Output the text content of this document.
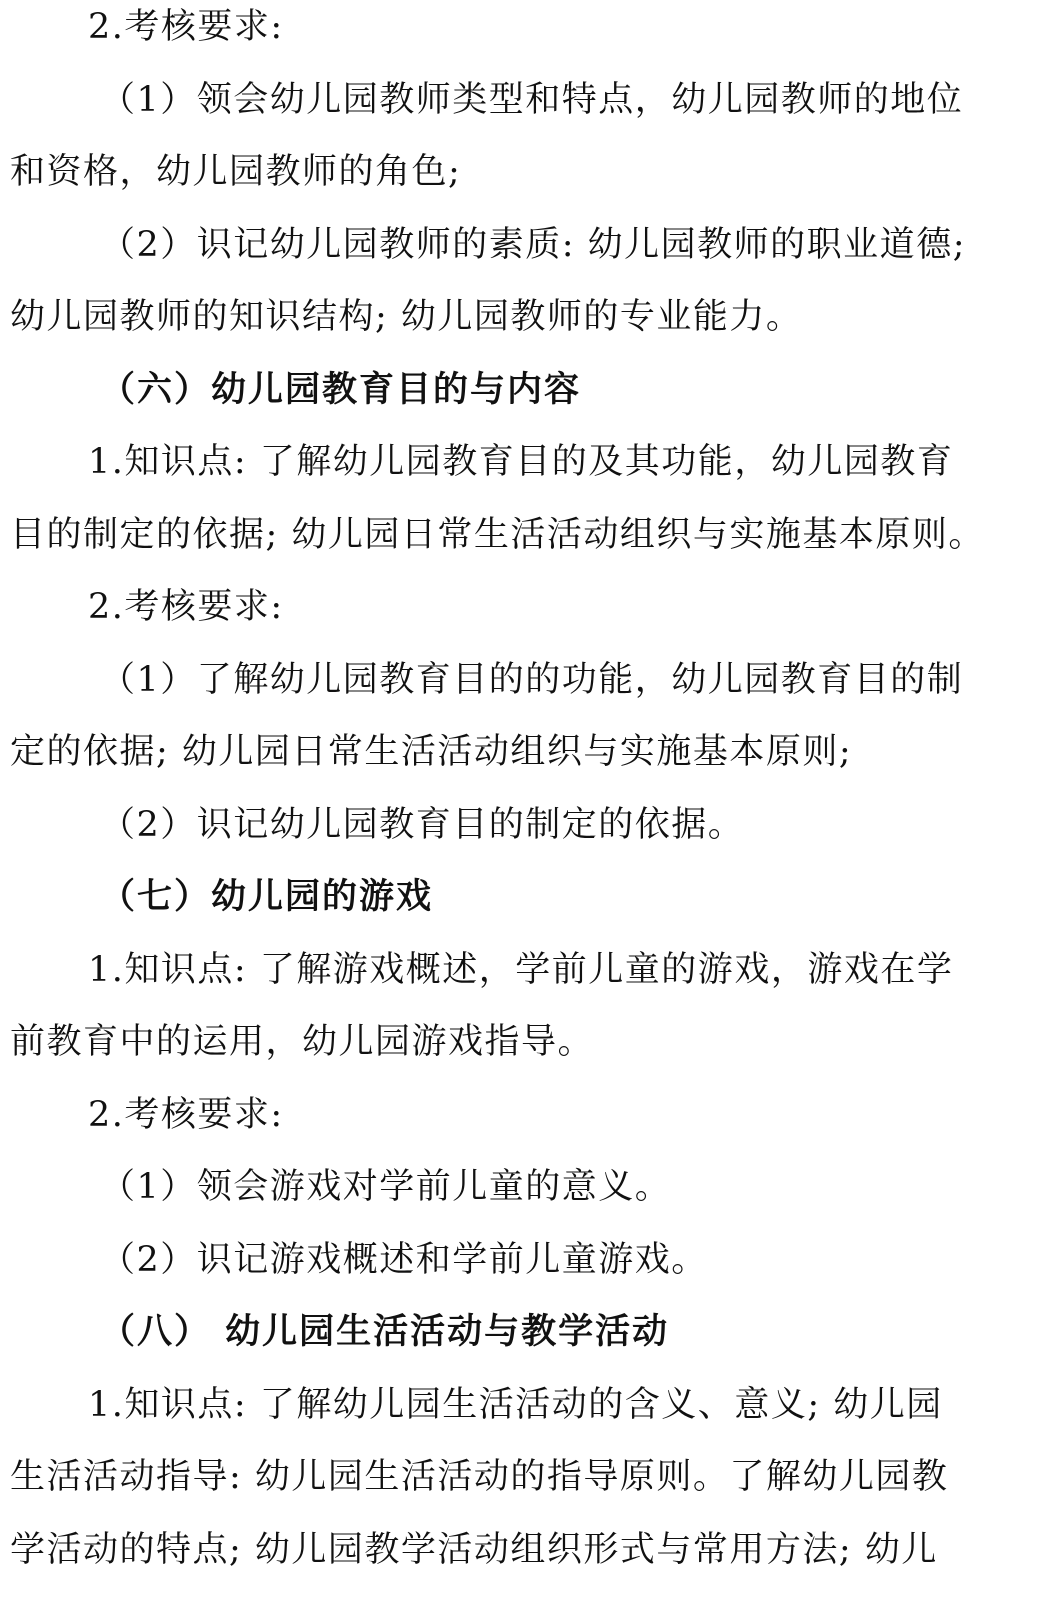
2.考核要求:
（1）领会幼儿园教师类型和特点，幼儿园教师的地位
和资格，幼儿园教师的角色;
（2）识记幼儿园教师的素质: 幼儿园教师的职业道德;
幼儿园教师的知识结构; 幼儿园教师的专业能力。
（六）幼儿园教育目的与内容
1.知识点: 了解幼儿园教育目的及其功能，幼儿园教育
目的制定的依据; 幼儿园日常生活活动组织与实施基本原则。
2.考核要求:
（1）了解幼儿园教育目的的功能，幼儿园教育目的制
定的依据; 幼儿园日常生活活动组织与实施基本原则;
（2）识记幼儿园教育目的制定的依据。
（七）幼儿园的游戏
1.知识点: 了解游戏概述，学前儿童的游戏，游戏在学
前教育中的运用，幼儿园游戏指导。
2.考核要求:
（1）领会游戏对学前儿童的意义。
（2）识记游戏概述和学前儿童游戏。
（八） 幼儿园生活活动与教学活动
1.知识点: 了解幼儿园生活活动的含义、意义; 幼儿园
生活活动指导: 幼儿园生活活动的指导原则。了解幼儿园教
学活动的特点; 幼儿园教学活动组织形式与常用方法; 幼儿
